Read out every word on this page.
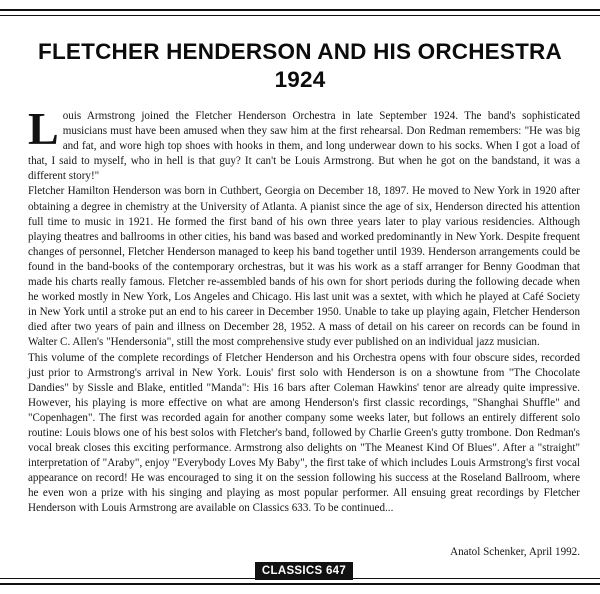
FLETCHER HENDERSON AND HIS ORCHESTRA
1924

Louis Armstrong joined the Fletcher Henderson Orchestra in late September 1924. The band's sophisticated musicians must have been amused when they saw him at the first rehearsal. Don Redman remembers: "He was big and fat, and wore high top shoes with hooks in them, and long underwear down to his socks. When I got a load of that, I said to myself, who in hell is that guy? It can't be Louis Armstrong. But when he got on the bandstand, it was a different story!"

Fletcher Hamilton Henderson was born in Cuthbert, Georgia on December 18, 1897. He moved to New York in 1920 after obtaining a degree in chemistry at the University of Atlanta. A pianist since the age of six, Henderson directed his attention full time to music in 1921. He formed the first band of his own three years later to play various residencies. Although playing theatres and ballrooms in other cities, his band was based and worked predominantly in New York. Despite frequent changes of personnel, Fletcher Henderson managed to keep his band together until 1939. Henderson arrangements could be found in the band-books of the contemporary orchestras, but it was his work as a staff arranger for Benny Goodman that made his charts really famous. Fletcher re-assembled bands of his own for short periods during the following decade when he worked mostly in New York, Los Angeles and Chicago. His last unit was a sextet, with which he played at Café Society in New York until a stroke put an end to his career in December 1950. Unable to take up playing again, Fletcher Henderson died after two years of pain and illness on December 28, 1952. A mass of detail on his career on records can be found in Walter C. Allen's "Hendersonia", still the most comprehensive study ever published on an individual jazz musician.

This volume of the complete recordings of Fletcher Henderson and his Orchestra opens with four obscure sides, recorded just prior to Armstrong's arrival in New York. Louis' first solo with Henderson is on a showtune from "The Chocolate Dandies" by Sissle and Blake, entitled "Manda": His 16 bars after Coleman Hawkins' tenor are already quite impressive. However, his playing is more effective on what are among Henderson's first classic recordings, "Shanghai Shuffle" and "Copenhagen". The first was recorded again for another company some weeks later, but follows an entirely different solo routine: Louis blows one of his best solos with Fletcher's band, followed by Charlie Green's gutty trombone. Don Redman's vocal break closes this exciting performance. Armstrong also delights on "The Meanest Kind Of Blues". After a "straight" interpretation of "Araby", enjoy "Everybody Loves My Baby", the first take of which includes Louis Armstrong's first vocal appearance on record! He was encouraged to sing it on the session following his success at the Roseland Ballroom, where he even won a prize with his singing and playing as most popular performer. All ensuing great recordings by Fletcher Henderson with Louis Armstrong are available on Classics 633. To be continued...

Anatol Schenker, April 1992.
CLASSICS 647
